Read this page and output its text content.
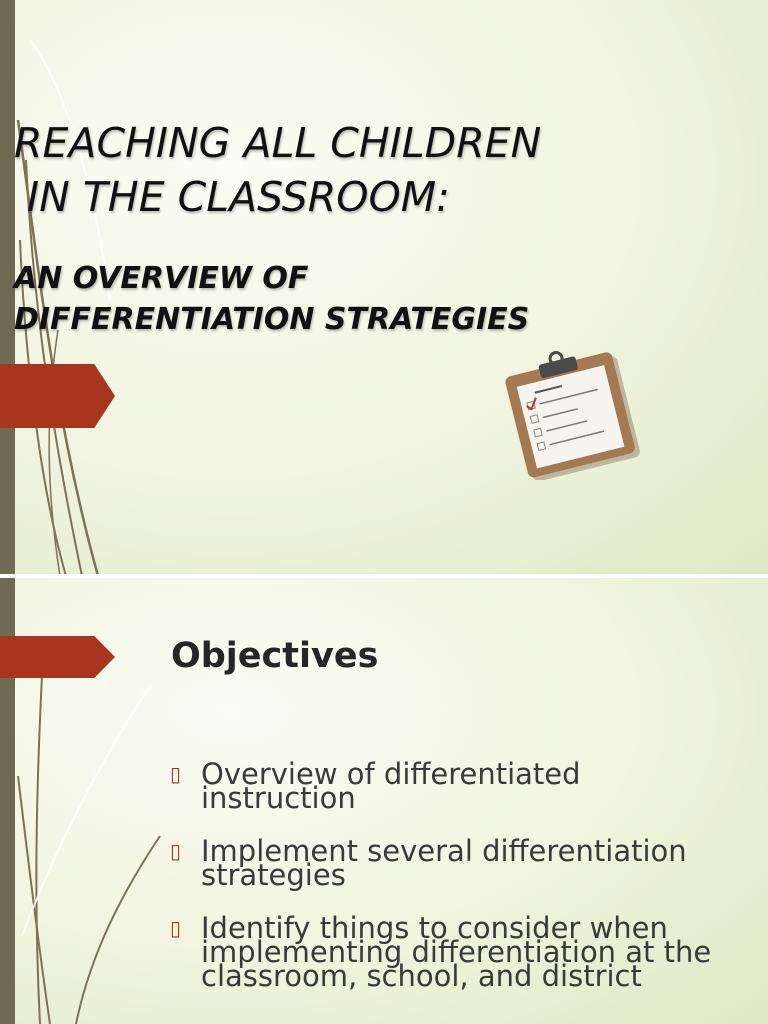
REACHING ALL CHILDREN
IN THE CLASSROOM:
AN OVERVIEW OF
DIFFERENTIATION STRATEGIES
Objectives
▯ Overview of differentiated instruction
▯ Implement several differentiation strategies
▯ Identify things to consider when implementing differentiation at the classroom, school, and district
